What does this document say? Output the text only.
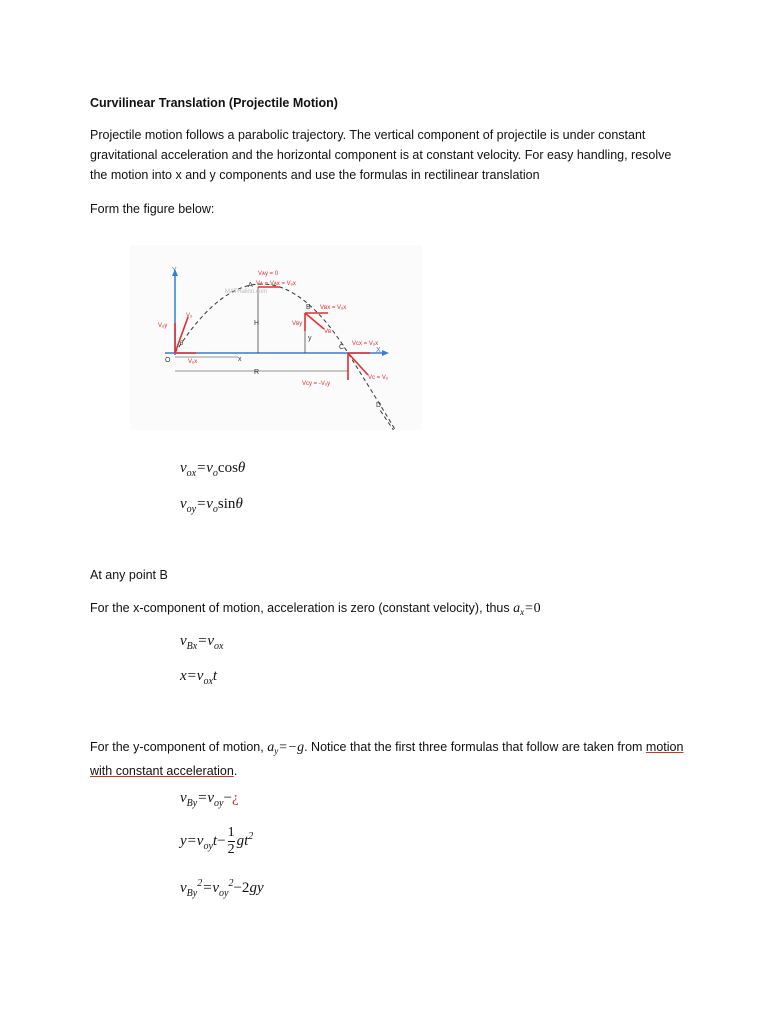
Curvilinear Translation (Projectile Motion)
Projectile motion follows a parabolic trajectory. The vertical component of projectile is under constant gravitational acceleration and the horizontal component is at constant velocity. For easy handling, resolve the motion into x and y components and use the formulas in rectilinear translation
Form the figure below:
Y
X
O
H
R
x
y
Vₒ
Vₒy
Vₒx
θ
A
Vᴀy = 0
Vᴀ = Vᴀx = Vₒx
MATHalino.com
B Vʙx = Vₒx
Vʙy
Vʙ
C Vᴄx = Vₒx
Vᴄ = Vₒ
Vᴄy = -Vₒy
D
$v_{ox}=v_o\cos\theta$
$v_{oy}=v_o\sin\theta$
At any point B
For the x-component of motion, acceleration is zero (constant velocity), thus $a_x=0$
$v_{Bx}=v_{ox}$
$x=v_{ox}t$
For the y-component of motion, $a_y=-g$. Notice that the first three formulas that follow are taken from motion with constant acceleration.
$v_{By}=v_{oy}-¿$
$y=v_{oy}t- \frac{1}{2} gt^2$
$v_{By}^2=v_{oy}^2-2gy$
